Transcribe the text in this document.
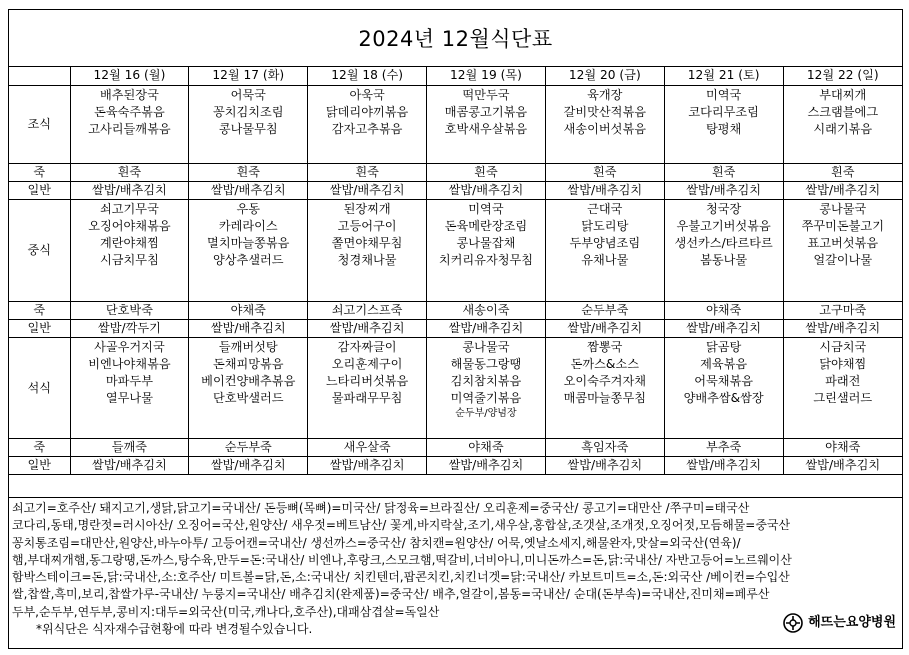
2024년 12월식단표
	12월 16 (월)	12월 17 (화)	12월 18 (수)	12월 19 (목)	12월 20 (금)	12월 21 (토)	12월 22 (일)
조식	배추된장국
돈육숙주볶음
고사리들깨볶음	어묵국
꽁치김치조림
콩나물무침	아욱국
닭데리야끼볶음
감자고추볶음	떡만두국
매콤콩고기볶음
호박새우살볶음	육개장
갈비맛산적볶음
새송이버섯볶음	미역국
코다리무조림
탕평채	부대찌개
스크램블에그
시래기볶음

죽	흰죽	흰죽	흰죽	흰죽	흰죽	흰죽	흰죽
일반	쌀밥/배추김치	쌀밥/배추김치	쌀밥/배추김치	쌀밥/배추김치	쌀밥/배추김치	쌀밥/배추김치	쌀밥/배추김치
중식	쇠고기무국
오징어야채볶음
계란야채찜
시금치무침	우동
카레라이스
멸치마늘쫑볶음
양상추샐러드	된장찌개
고등어구이
쫄면야채무침
청경채나물	미역국
돈육메란장조림
콩나물잡채
치커리유자청무침	근대국
닭도리탕
두부양념조림
유채나물	청국장
우불고기버섯볶음
생선카스/타르타르
봄동나물	콩나물국
쭈꾸미돈불고기
표고버섯볶음
얼갈이나물

죽	단호박죽	야채죽	쇠고기스프죽	새송이죽	순두부죽	야채죽	고구마죽
일반	쌀밥/깍두기	쌀밥/배추김치	쌀밥/배추김치	쌀밥/배추김치	쌀밥/배추김치	쌀밥/배추김치	쌀밥/배추김치
석식	사골우거지국
비엔나야채볶음
마파두부
열무나물	들깨버섯탕
돈채피망볶음
베이컨양배추볶음
단호박샐러드	감자짜글이
오리훈제구이
느타리버섯볶음
물파래무무침	콩나물국
해물동그랑땡
김치참치볶음
미역줄기볶음
순두부/양념장	짬뽕국
돈까스&소스
오이숙주겨자채
매콤마늘쫑무침	닭곰탕
제육볶음
어묵채볶음
양배추쌈&쌈장	시금치국
닭야채찜
파래전
그린샐러드

죽	들깨죽	순두부죽	새우살죽	야채죽	흑임자죽	부추죽	야채죽
일반	쌀밥/배추김치	쌀밥/배추김치	쌀밥/배추김치	쌀밥/배추김치	쌀밥/배추김치	쌀밥/배추김치	쌀밥/배추김치
쇠고기=호주산/ 돼지고기,생닭,닭고기=국내산/ 돈등뼈(목뼈)=미국산/ 닭정육=브라질산/ 오리훈제=중국산/ 콩고기=대만산 /쭈구미=태국산
코다리,동태,명란젓=러시아산/ 오징어=국산,원양산/ 새우젓=베트남산/ 꽃게,바지락살,조기,새우살,홍합살,조갯살,조개젓,오징어젓,모듬해물=중국산
꽁치통조림=대만산,원양산,바누아투/ 고등어캔=국내산/ 생선까스=중국산/ 참치캔=원양산/ 어묵,옛날소세지,해물완자,맛살=외국산(연육)/
햄,부대찌개햄,동그랑땡,돈까스,탕수육,만두=돈:국내산/ 비엔나,후랑크,스모크햄,떡갈비,너비아니,미니돈까스=돈,닭:국내산/ 자반고등어=노르웨이산
함박스테이크=돈,닭:국내산,소:호주산/ 미트볼=닭,돈,소:국내산/ 치킨텐더,팝콘치킨,치킨너겟=닭:국내산/ 카보트미트=소,돈:외국산 /베이컨=수입산
쌀,찹쌀,흑미,보리,찹쌀가루-국내산/ 누룽지=국내산/ 배추김치(완제품)=중국산/ 배추,얼갈이,봄동=국내산/ 순대(돈부속)=국내산,진미채=페루산
두부,순두부,연두부,콩비지:대두=외국산(미국,캐나다,호주산),대패삼겹살=독일산
*위식단은 식자재수급현황에 따라 변경될수있습니다.	해뜨는요양병원
